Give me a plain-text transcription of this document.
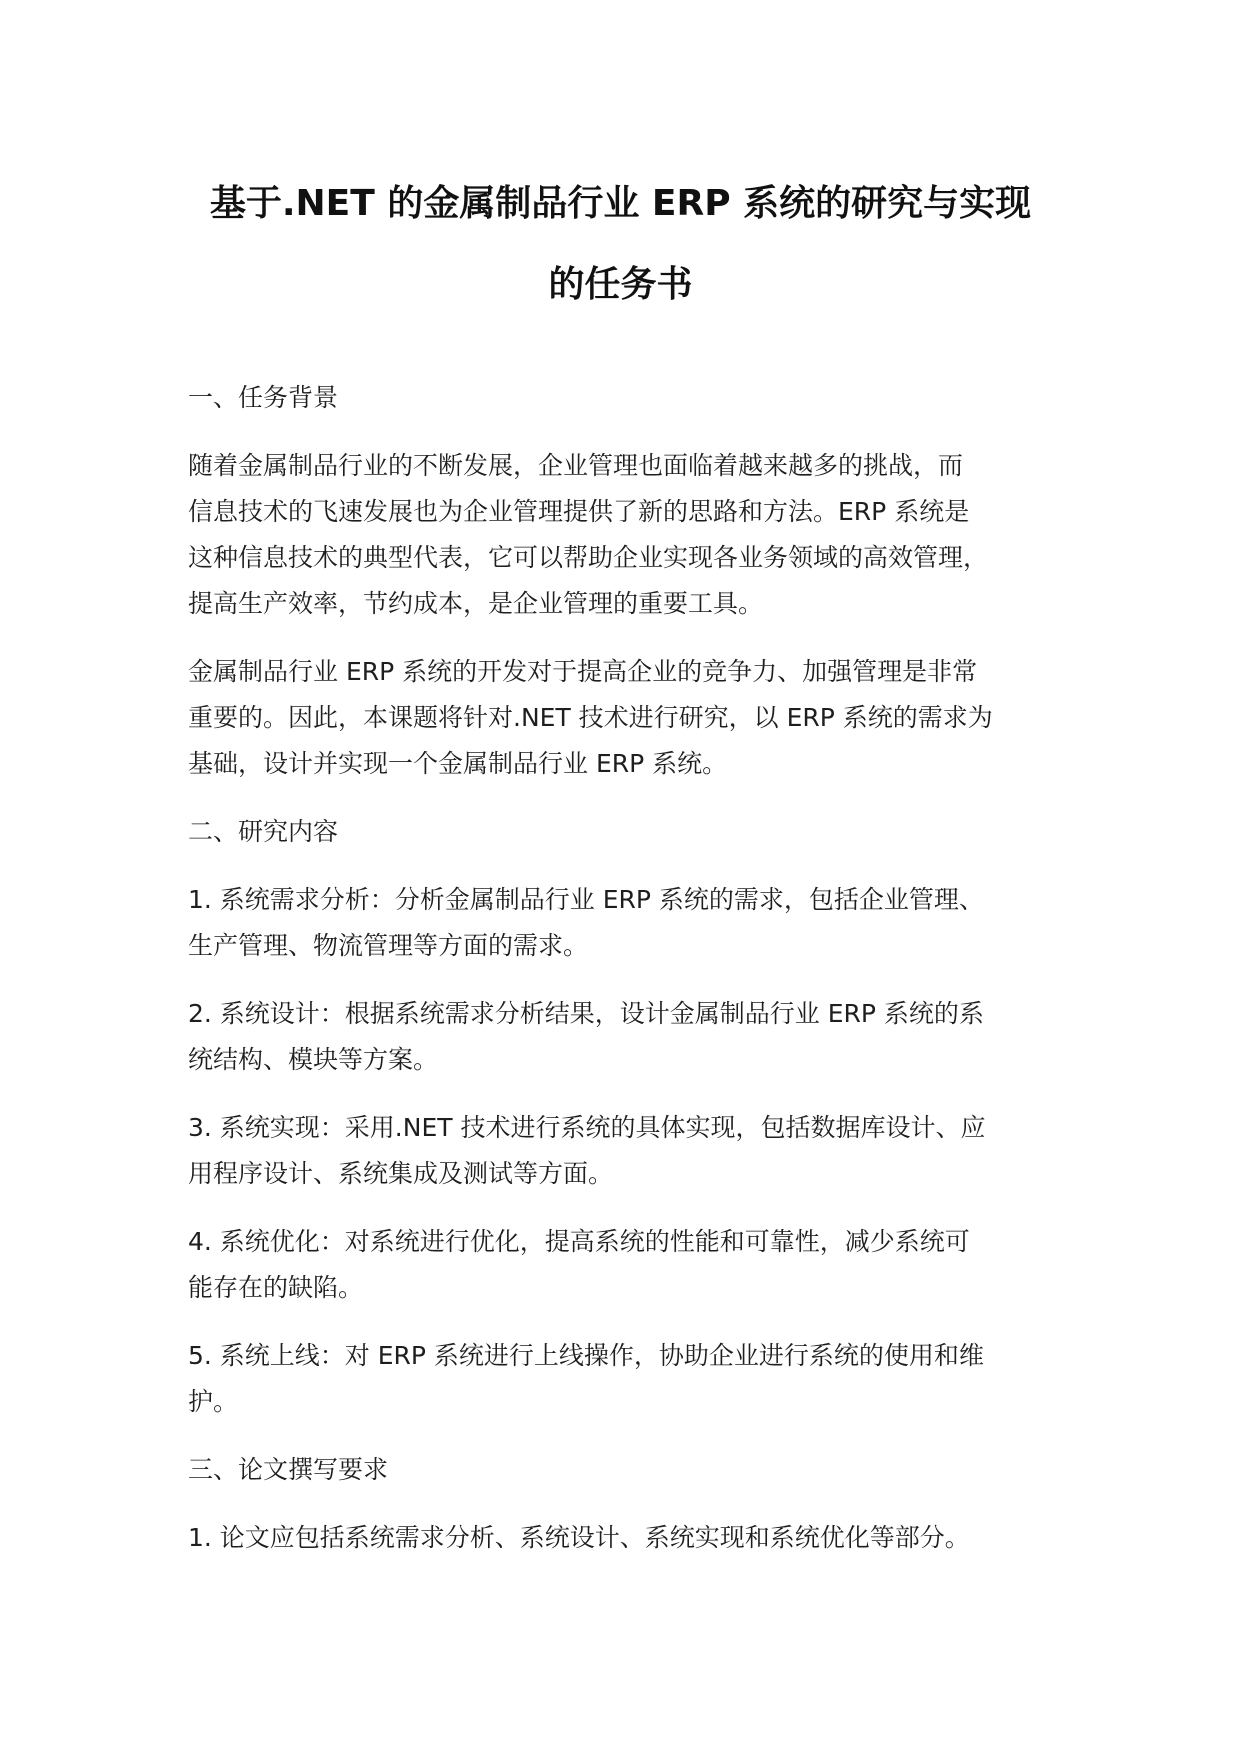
基于.NET 的金属制品行业 ERP 系统的研究与实现
的任务书
一、任务背景
随着金属制品行业的不断发展，企业管理也面临着越来越多的挑战，而
信息技术的飞速发展也为企业管理提供了新的思路和方法。ERP 系统是
这种信息技术的典型代表，它可以帮助企业实现各业务领域的高效管理，
提高生产效率，节约成本，是企业管理的重要工具。
金属制品行业 ERP 系统的开发对于提高企业的竞争力、加强管理是非常
重要的。因此，本课题将针对.NET 技术进行研究，以 ERP 系统的需求为
基础，设计并实现一个金属制品行业 ERP 系统。
二、研究内容
1. 系统需求分析：分析金属制品行业 ERP 系统的需求，包括企业管理、
生产管理、物流管理等方面的需求。
2. 系统设计：根据系统需求分析结果，设计金属制品行业 ERP 系统的系
统结构、模块等方案。
3. 系统实现：采用.NET 技术进行系统的具体实现，包括数据库设计、应
用程序设计、系统集成及测试等方面。
4. 系统优化：对系统进行优化，提高系统的性能和可靠性，减少系统可
能存在的缺陷。
5. 系统上线：对 ERP 系统进行上线操作，协助企业进行系统的使用和维
护。
三、论文撰写要求
1. 论文应包括系统需求分析、系统设计、系统实现和系统优化等部分。
